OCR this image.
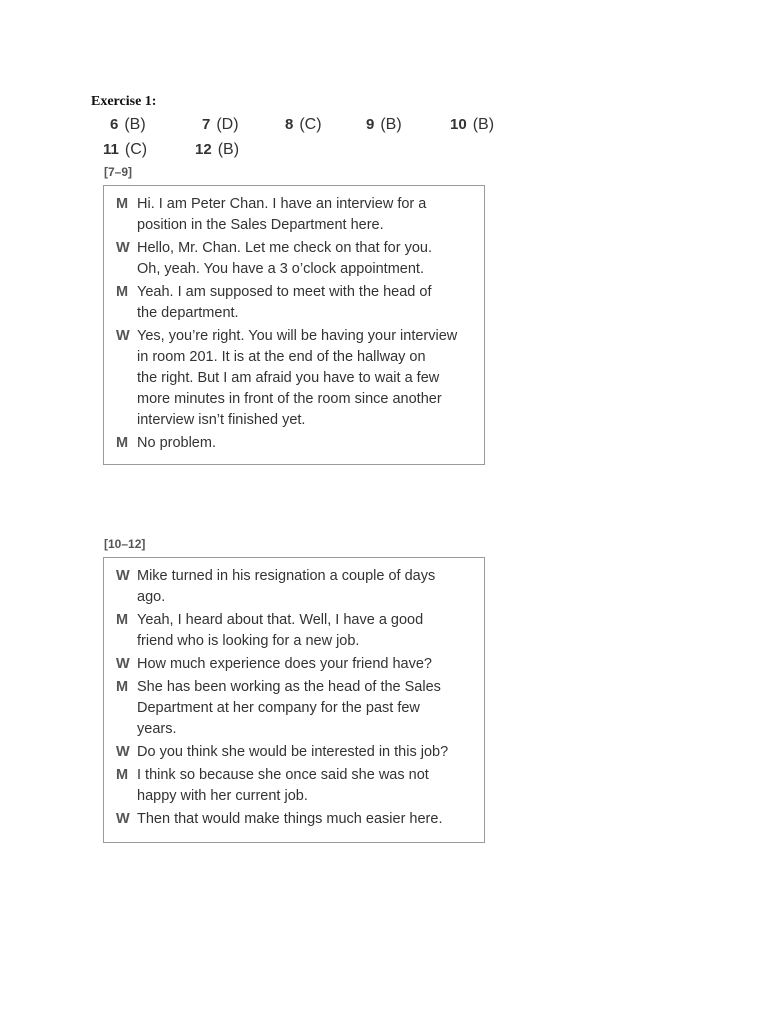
Exercise 1:
6 (B)	7 (D)	8 (C)	9 (B)	10 (B)
11 (C)	12 (B)
[7–9]
M Hi. I am Peter Chan. I have an interview for a
position in the Sales Department here.
W Hello, Mr. Chan. Let me check on that for you.
Oh, yeah. You have a 3 o’clock appointment.
M Yeah. I am supposed to meet with the head of
the department.
W Yes, you’re right. You will be having your interview
in room 201. It is at the end of the hallway on
the right. But I am afraid you have to wait a few
more minutes in front of the room since another
interview isn’t finished yet.
M No problem.
[10–12]
W Mike turned in his resignation a couple of days
ago.
M Yeah, I heard about that. Well, I have a good
friend who is looking for a new job.
W How much experience does your friend have?
M She has been working as the head of the Sales
Department at her company for the past few
years.
W Do you think she would be interested in this job?
M I think so because she once said she was not
happy with her current job.
W Then that would make things much easier here.
